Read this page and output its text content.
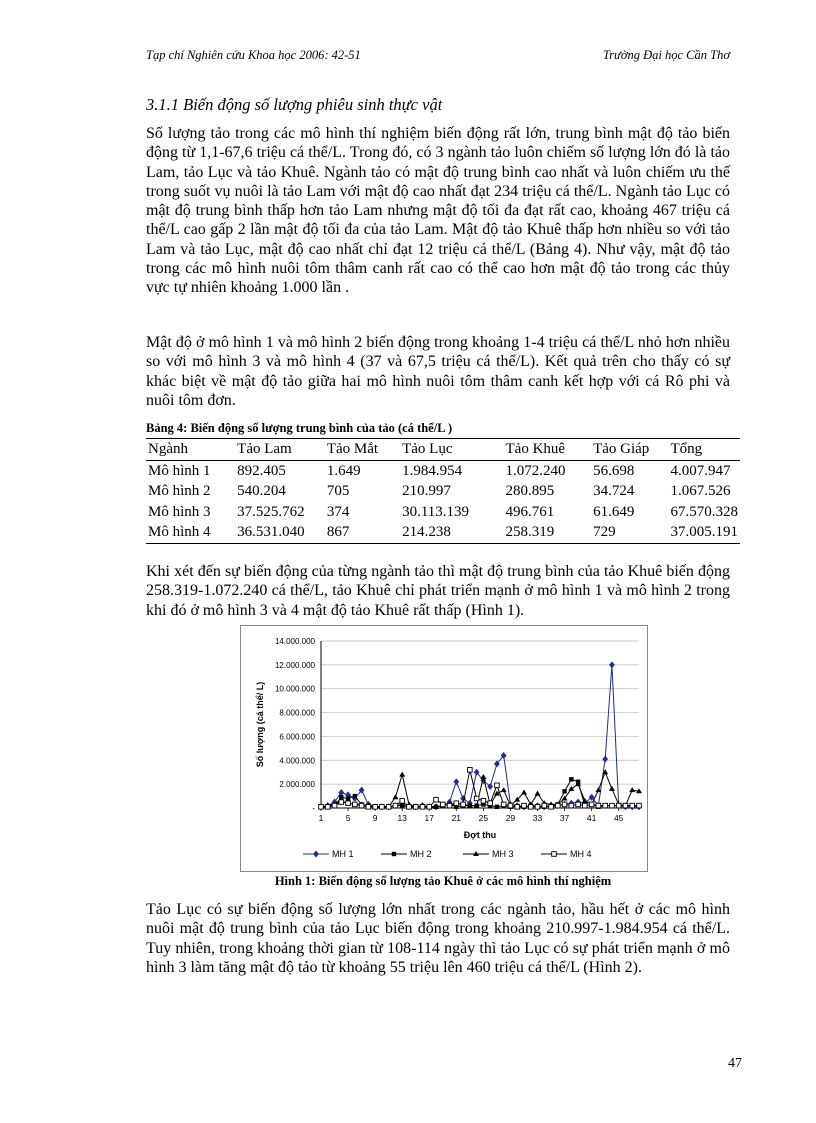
Tạp chí Nghiên cứu Khoa học 2006: 42-51	Trường Đại học Cần Thơ
3.1.1 Biến động số lượng phiêu sinh thực vật

Số lượng tảo trong các mô hình thí nghiệm biến động rất lớn, trung bình mật độ tảo biến động từ 1,1-67,6 triệu cá thể/L. Trong đó, có 3 ngành tảo luôn chiếm số lượng lớn đó là tảo Lam, tảo Lục và tảo Khuê. Ngành tảo có mật độ trung bình cao nhất và luôn chiếm ưu thế trong suốt vụ nuôi là tảo Lam với mật độ cao nhất đạt 234 triệu cá thể/L. Ngành tảo Lục có mật độ trung bình thấp hơn tảo Lam nhưng mật độ tối đa đạt rất cao, khoảng 467 triệu cá thể/L cao gấp 2 lần mật độ tối đa của tảo Lam. Mật độ tảo Khuê thấp hơn nhiều so với tảo Lam và tảo Lục, mật độ cao nhất chỉ đạt 12 triệu cá thể/L (Bảng 4). Như vậy, mật độ tảo trong các mô hình nuôi tôm thâm canh rất cao có thể cao hơn mật độ tảo trong các thủy vực tự nhiên khoảng 1.000 lần .

Mật độ ở mô hình 1 và mô hình 2 biến động trong khoảng 1-4 triệu cá thể/L nhỏ hơn nhiều so với mô hình 3 và mô hình 4 (37 và 67,5 triệu cá thể/L). Kết quả trên cho thấy có sự khác biệt về mật độ tảo giữa hai mô hình nuôi tôm thâm canh kết hợp với cá Rô phi và nuôi tôm đơn.

Bảng 4: Biến động số lượng trung bình của tảo (cá thể/L )
Ngành	Tảo Lam	Tảo Mắt	Tảo Lục	Tảo Khuê	Tảo Giáp	Tổng
Mô hình 1	892.405	1.649	1.984.954	1.072.240	56.698	4.007.947
Mô hình 2	540.204	705	210.997	280.895	34.724	1.067.526
Mô hình 3	37.525.762	374	30.113.139	496.761	61.649	67.570.328
Mô hình 4	36.531.040	867	214.238	258.319	729	37.005.191

Khi xét đến sự biến động của từng ngành tảo thì mật độ trung bình của tảo Khuê biến động 258.319-1.072.240 cá thể/L, tảo Khuê chỉ phát triển mạnh ở mô hình 1 và mô hình 2 trong khi đó ở mô hình 3 và 4 mật độ tảo Khuê rất thấp (Hình 1).

-
2.000.000
4.000.000
6.000.000
8.000.000
10.000.000
12.000.000
14.000.000
1	5	9 13 17 21 25 29 33 37 41 45
Đợt thu
Số lượng (cá thể/ L)
MH 1	MH 2	MH 3	MH 4
Hình 1: Biến động số lượng tảo Khuê ở các mô hình thí nghiệm

Tảo Lục có sự biến động số lượng lớn nhất trong các ngành tảo, hầu hết ở các mô hình nuôi mật độ trung bình của tảo Lục biến động trong khoảng 210.997-1.984.954 cá thể/L. Tuy nhiên, trong khoảng thời gian từ 108-114 ngày thì tảo Lục có sự phát triển mạnh ở mô hình 3 làm tăng mật độ tảo từ khoảng 55 triệu lên 460 triệu cá thể/L (Hình 2).

47
